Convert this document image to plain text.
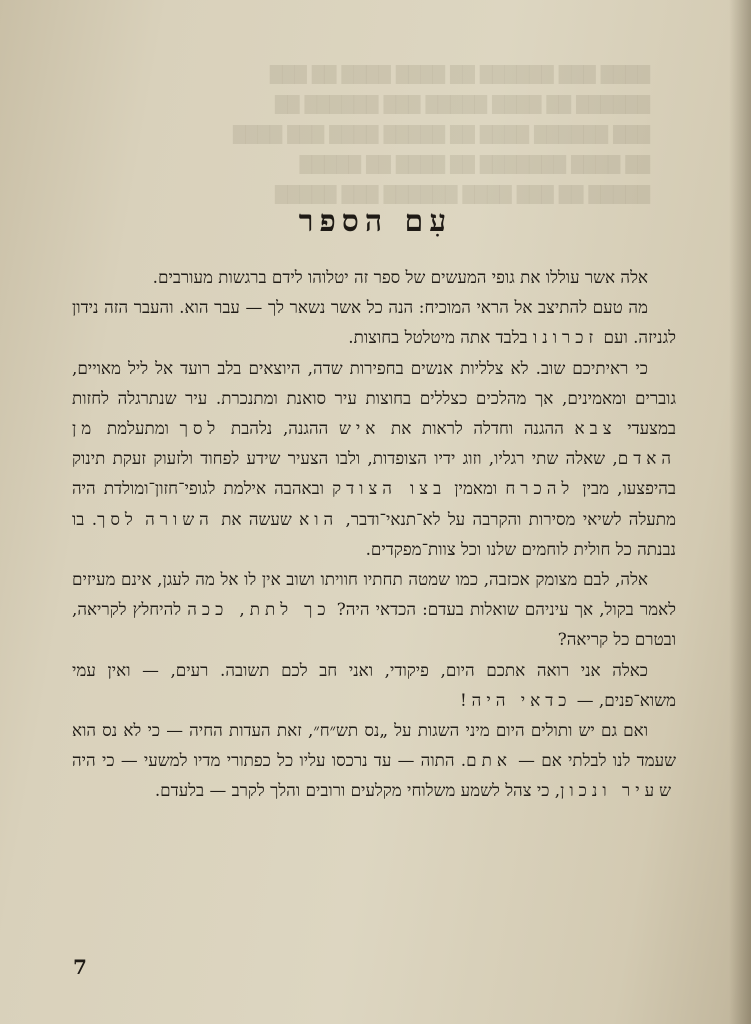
████ ███ ██████ ██ ████ ████ ██ ███
██████ ██ ████ █████ ███ ██████ ██
███ ██████ ████ ██ █████ ████ ███ ████
██ ████ ███████ ██ ████ ██ █████
█████ ██ ███ ████ ██████ ███ █████
עִם הספר

אלה אשר עוללו את גופי המעשים של ספר זה יטלוהו לידם ברגשות מעורבים.

מה טעם להתיצב אל הראי המוכיח: הנה כל אשר נשאר לך — עבר הוא. והעבר הזה נידון לגניזה. ועם זכרונו בלבד אתה מיטלטל בחוצות.

כי ראיתיכם שוב. לא צלליות אנשים בחפירות שדה, היוצאים בלב רועד אל ליל מאויים, גוברים ומאמינים, אך מהלכים כצללים בחוצות עיר סואנת ומתנכרת. עיר שנתרגלה לחזות במצעדי צבא ההגנה וחדלה לראות את איש ההגנה, נלהבת לסך ומתעלמת מן האדם, שאלה שתי רגליו, וזוג ידיו הצופדות, ולבו הצעיר שידע לפחוד ולזעוק זעקת תינוק בהיפצעו, מבין להכרח ומאמין בצו הצודק ובאהבה אילמת לגופי־חזון־ומולדת היה מתעלה לשיאי מסירות והקרבה על לא־תנאי־ודבר, הוא שעשה את השורה לסך. בו נבנתה כל חולית לוחמים שלנו וכל צוות־מפקדים.

אלה, לבם מצומק אכזבה, כמו שמטה תחתיו חוויתו ושוב אין לו אל מה לעגן, אינם מעיזים לאמר בקול, אך עיניהם שואלות בעדם: הכדאי היה? כך לתת, ככה להיחלץ לקריאה, ובטרם כל קריאה?

כאלה אני רואה אתכם היום, פיקודי, ואני חב לכם תשובה. רעים, — ואין עמי משוא־פנים, — כדאי היה!

ואם גם יש ותולים היום מיני השגות על „נס תש״ח״, זאת העדות החיה — כי לא נס הוא שעמד לנו לבלתי אם — אתם. התוה — עד נרכסו עליו כל כפתורי מדיו למשעי — כי היה שעיר ונכון, כי צהל לשמע משלוחי מקלעים ורובים והלך לקרב — בלעדם.

7
